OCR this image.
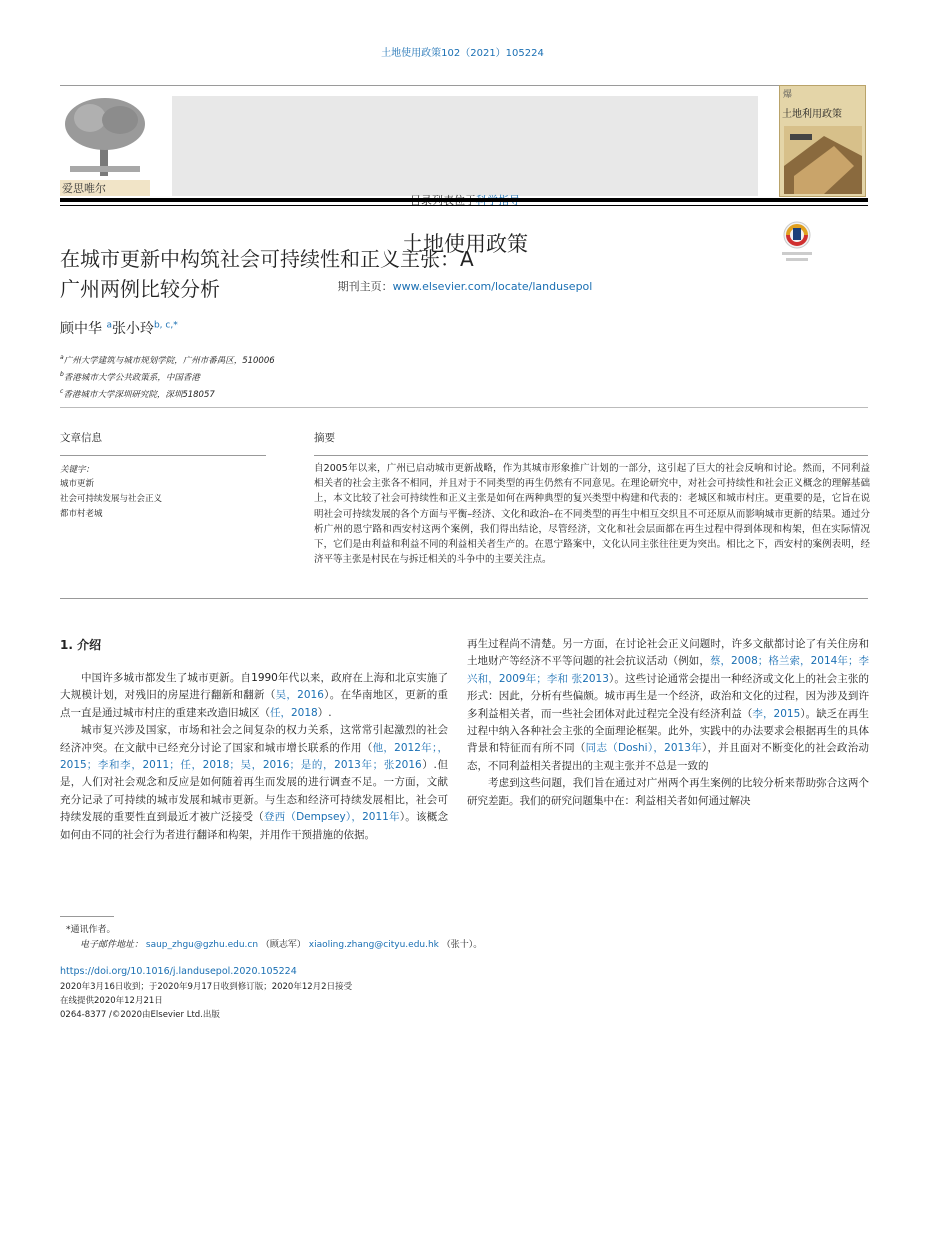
土地使用政策102（2021）105224
爱思唯尔
土地使用政策
期刊主页：www.elsevier.com/locate/landusepol
爆
土地利用政策
在城市更新中构筑社会可持续性和正义主张：A
广州两例比较分析
顾中华 $^a$张小玲$^{b, c,*}$
$^a$广州大学建筑与城市规划学院，广州市番禺区，510006
$^b$香港城市大学公共政策系，中国香港
$^c$香港城市大学深圳研究院，深圳518057
文章信息	摘要
关键字：
城市更新
社会可持续发展与社会正义
都市村老城
自2005年以来，广州已启动城市更新战略，作为其城市形象推广计划的一部分，这引起了巨大的社会反响和讨论。然而，不同利益相关者的社会主张各不相同，并且对于不同类型的再生仍然有不同意见。在理论研究中，对社会可持续性和社会正义概念的理解基础上，本文比较了社会可持续性和正义主张是如何在两种典型的复兴类型中构建和代表的：老城区和城市村庄。更重要的是，它旨在说明社会可持续发展的各个方面与平衡–经济、文化和政治–在不同类型的再生中相互交织且不可还原从而影响城市更新的结果。通过分析广州的恩宁路和西安村这两个案例，我们得出结论，尽管经济，文化和社会层面都在再生过程中得到体现和构架，但在实际情况下，它们是由利益和利益不同的利益相关者生产的。在恩宁路案中，文化认同主张往往更为突出。相比之下，西安村的案例表明，经济平等主张是村民在与拆迁相关的斗争中的主要关注点。
1. 介绍

中国许多城市都发生了城市更新。自1990年代以来，政府在上海和北京实施了大规模计划，对残旧的房屋进行翻新和翻新（吴，2016）。在华南地区，更新的重点一直是通过城市村庄的重建来改造旧城区（任，2018）.

城市复兴涉及国家，市场和社会之间复杂的权力关系，这常常引起激烈的社会经济冲突。在文献中已经充分讨论了国家和城市增长联系的作用（他，2012年；，2015；李和李，2011；任，2018；吴，2016；是的，2013年；张2016）.但是，人们对社会观念和反应是如何随着再生而发展的进行调查不足。一方面，文献充分记录了可持续的城市发展和城市更新。与生态和经济可持续发展相比，社会可持续发展的重要性直到最近才被广泛接受（登西（Dempsey），2011年）。该概念如何由不同的社会行为者进行翻译和构架，并用作干预措施的依据。

再生过程尚不清楚。另一方面，在讨论社会正义问题时，许多文献都讨论了有关住房和土地财产等经济不平等问题的社会抗议活动（例如，蔡，2008；格兰索，2014年；李兴和，2009年；李和 张2013）。这些讨论通常会提出一种经济或文化上的社会主张的形式：因此，分析有些偏颇。城市再生是一个经济，政治和文化的过程，因为涉及到许多利益相关者，而一些社会团体对此过程完全没有经济利益（李，2015）。缺乏在再生过程中纳入各种社会主张的全面理论框架。此外，实践中的办法要求会根据再生的具体背景和特征而有所不同（同志（Doshi），2013年），并且面对不断变化的社会政治动态，不同利益相关者提出的主观主张并不总是一致的

考虑到这些问题，我们旨在通过对广州两个再生案例的比较分析来帮助弥合这两个研究差距。我们的研究问题集中在：利益相关者如何通过解决

*通讯作者。
电子邮件地址： saup_zhgu@gzhu.edu.cn （顾志军） xiaoling.zhang@cityu.edu.hk （张十）。
https://doi.org/10.1016/j.landusepol.2020.105224
2020年3月16日收到；于2020年9月17日收到修订版；2020年12月2日接受
在线提供2020年12月21日
0264-8377 /©2020由Elsevier Ltd.出版
